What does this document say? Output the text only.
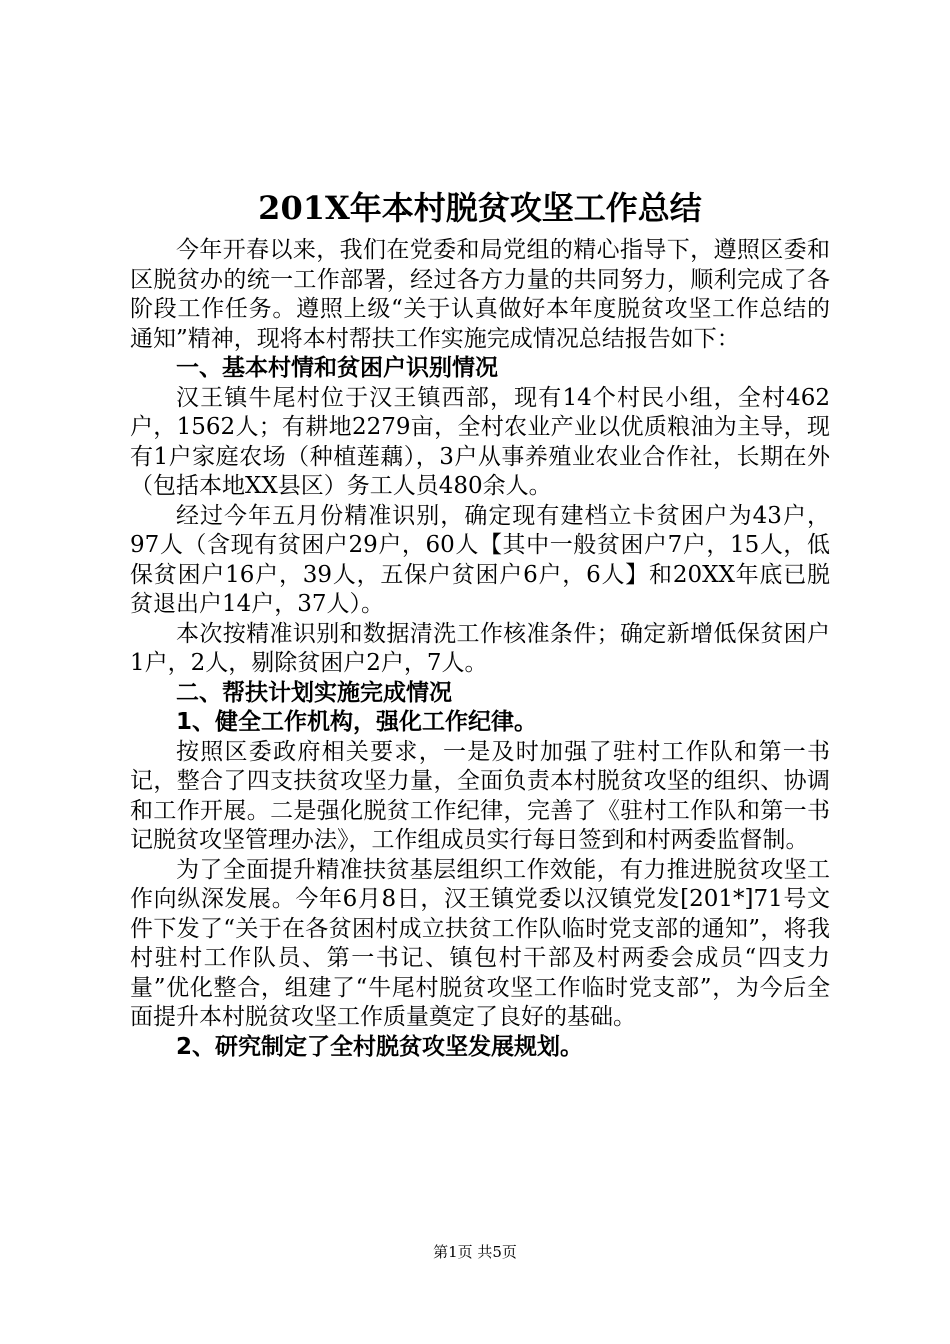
201X年本村脱贫攻坚工作总结

今年开春以来，我们在党委和局党组的精心指导下，遵照区委和区脱贫办的统一工作部署，经过各方力量的共同努力，顺利完成了各阶段工作任务。遵照上级“关于认真做好本年度脱贫攻坚工作总结的通知”精神，现将本村帮扶工作实施完成情况总结报告如下：

一、基本村情和贫困户识别情况

汉王镇牛尾村位于汉王镇西部，现有14个村民小组，全村462户，1562人；有耕地2279亩，全村农业产业以优质粮油为主导，现有1户家庭农场（种植莲藕），3户从事养殖业农业合作社，长期在外（包括本地XX县区）务工人员480余人。

经过今年五月份精准识别，确定现有建档立卡贫困户为43户，97人（含现有贫困户29户，60人【其中一般贫困户7户，15人，低保贫困户16户，39人，五保户贫困户6户，6人】和20XX年底已脱贫退出户14户，37人）。

本次按精准识别和数据清洗工作核准条件；确定新增低保贫困户1户，2人，剔除贫困户2户，7人。

二、帮扶计划实施完成情况

1、健全工作机构，强化工作纪律。

按照区委政府相关要求，一是及时加强了驻村工作队和第一书记，整合了四支扶贫攻坚力量，全面负责本村脱贫攻坚的组织、协调和工作开展。二是强化脱贫工作纪律，完善了《驻村工作队和第一书记脱贫攻坚管理办法》，工作组成员实行每日签到和村两委监督制。

为了全面提升精准扶贫基层组织工作效能，有力推进脱贫攻坚工作向纵深发展。今年6月8日，汉王镇党委以汉镇党发[201*]71号文件下发了“关于在各贫困村成立扶贫工作队临时党支部的通知”，将我村驻村工作队员、第一书记、镇包村干部及村两委会成员“四支力量”优化整合，组建了“牛尾村脱贫攻坚工作临时党支部”，为今后全面提升本村脱贫攻坚工作质量奠定了良好的基础。

2、研究制定了全村脱贫攻坚发展规划。

第1页 共5页
